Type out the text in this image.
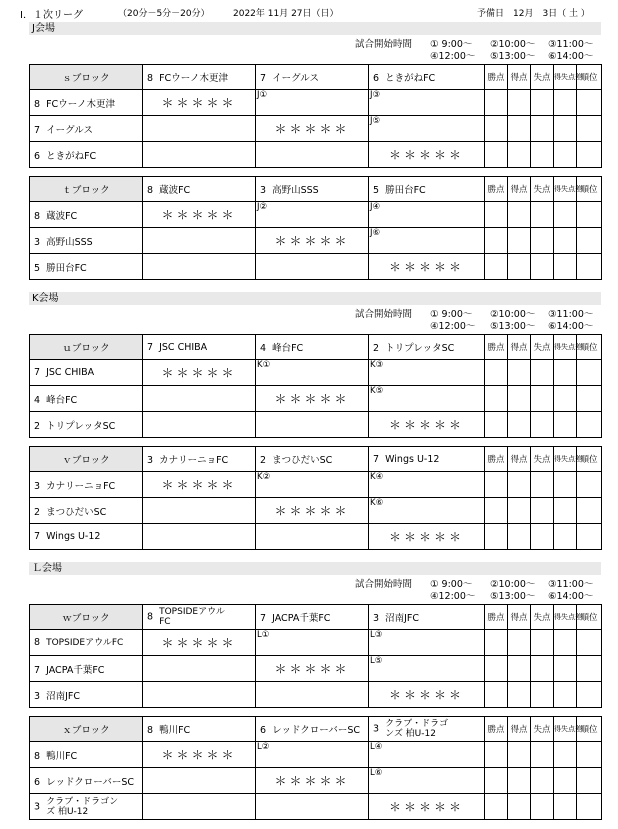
Ⅰ．１次リーグ	（20分－5分－20分）	2022年 11月 27日（日）	予備日　12月　3日（ 土 ）
J会場
試合開始時間 ① 9:00～ ②10:00～ ③11:00～
④12:00～ ⑤13:00～ ⑥14:00～
ｓブロック	8 FCウーノ木更津	7 イーグルス	6 ときがねFC	勝点	得点	失点	得失点差	順位
8 FCウーノ木更津	＊＊＊＊＊	J①	J③					
7 イーグルス		＊＊＊＊＊	J⑤					
6 ときがねFC			＊＊＊＊＊					
ｔブロック	8 蔵波FC	3 高野山SSS	5 勝田台FC	勝点	得点	失点	得失点差	順位
8 蔵波FC	＊＊＊＊＊	J②	J④					
3 高野山SSS		＊＊＊＊＊	J⑥					
5 勝田台FC			＊＊＊＊＊					
K会場
試合開始時間 ① 9:00～ ②10:00～ ③11:00～
④12:00～ ⑤13:00～ ⑥14:00～
ｕブロック	7 JSC CHIBA	4 峰台FC	2 トリプレッタSC	勝点	得点	失点	得失点差	順位
7 JSC CHIBA	＊＊＊＊＊	K①	K③					
4 峰台FC		＊＊＊＊＊	K⑤					
2 トリプレッタSC			＊＊＊＊＊					
ｖブロック	3 カナリーニョFC	2 まつひだいSC	7 Wings U-12	勝点	得点	失点	得失点差	順位
3 カナリーニョFC	＊＊＊＊＊	K②	K④					
2 まつひだいSC		＊＊＊＊＊	K⑥					
7 Wings U-12			＊＊＊＊＊					
Ｌ会場
試合開始時間 ① 9:00～ ②10:00～ ③11:00～
④12:00～ ⑤13:00～ ⑥14:00～
ｗブロック	8 TOPSIDEアウルFC	7 JACPA千葉FC	3 沼南JFC	勝点	得点	失点	得失点差	順位
8 TOPSIDEアウルFC	＊＊＊＊＊	L①	L③					
7 JACPA千葉FC		＊＊＊＊＊	L⑤					
3 沼南JFC			＊＊＊＊＊					
ｘブロック	8 鴨川FC	6 レッドクローバーSC	3 クラブ・ドラゴンズ 柏U-12	勝点	得点	失点	得失点差	順位
8 鴨川FC	＊＊＊＊＊	L②	L④					
6 レッドクローバーSC		＊＊＊＊＊	L⑥					
3 クラブ・ドラゴンズ 柏U-12			＊＊＊＊＊					
